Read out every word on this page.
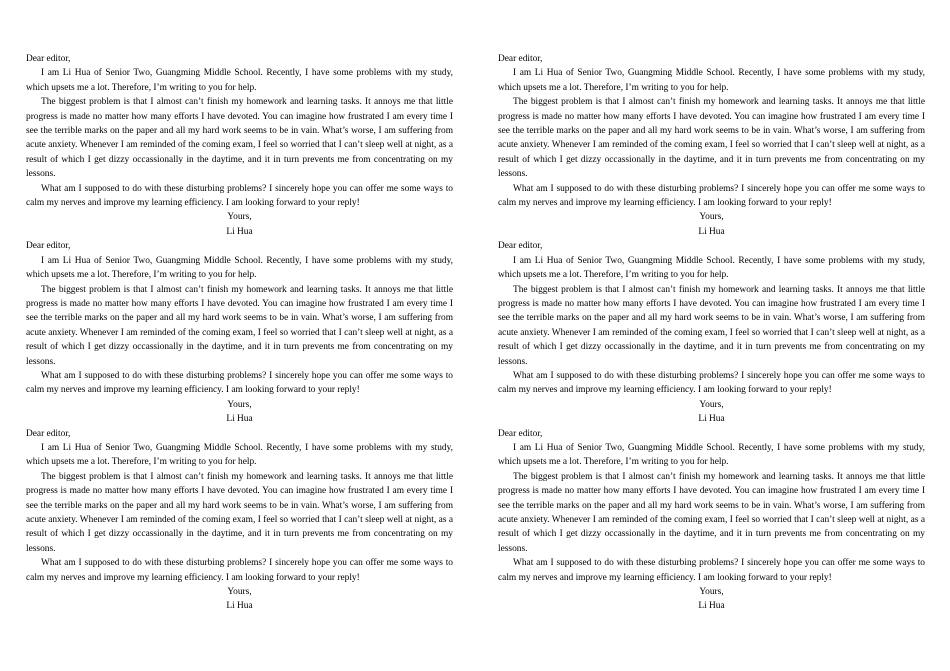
Dear editor,

I am Li Hua of Senior Two, Guangming Middle School. Recently, I have some problems with my study, which upsets me a lot. Therefore, I’m writing to you for help.

The biggest problem is that I almost can’t finish my homework and learning tasks. It annoys me that little progress is made no matter how many efforts I have devoted. You can imagine how frustrated I am every time I see the terrible marks on the paper and all my hard work seems to be in vain. What’s worse, I am suffering from acute anxiety. Whenever I am reminded of the coming exam, I feel so worried that I can’t sleep well at night, as a result of which I get dizzy occassionally in the daytime, and it in turn prevents me from concentrating on my lessons.

What am I supposed to do with these disturbing problems? I sincerely hope you can offer me some ways to calm my nerves and improve my learning efficiency. I am looking forward to your reply!

Yours,

Li Hua

Dear editor,

I am Li Hua of Senior Two, Guangming Middle School. Recently, I have some problems with my study, which upsets me a lot. Therefore, I’m writing to you for help.

The biggest problem is that I almost can’t finish my homework and learning tasks. It annoys me that little progress is made no matter how many efforts I have devoted. You can imagine how frustrated I am every time I see the terrible marks on the paper and all my hard work seems to be in vain. What’s worse, I am suffering from acute anxiety. Whenever I am reminded of the coming exam, I feel so worried that I can’t sleep well at night, as a result of which I get dizzy occassionally in the daytime, and it in turn prevents me from concentrating on my lessons.

What am I supposed to do with these disturbing problems? I sincerely hope you can offer me some ways to calm my nerves and improve my learning efficiency. I am looking forward to your reply!

Yours,

Li Hua

Dear editor,

I am Li Hua of Senior Two, Guangming Middle School. Recently, I have some problems with my study, which upsets me a lot. Therefore, I’m writing to you for help.

The biggest problem is that I almost can’t finish my homework and learning tasks. It annoys me that little progress is made no matter how many efforts I have devoted. You can imagine how frustrated I am every time I see the terrible marks on the paper and all my hard work seems to be in vain. What’s worse, I am suffering from acute anxiety. Whenever I am reminded of the coming exam, I feel so worried that I can’t sleep well at night, as a result of which I get dizzy occassionally in the daytime, and it in turn prevents me from concentrating on my lessons.

What am I supposed to do with these disturbing problems? I sincerely hope you can offer me some ways to calm my nerves and improve my learning efficiency. I am looking forward to your reply!

Yours,

Li Hua

Dear editor,

I am Li Hua of Senior Two, Guangming Middle School. Recently, I have some problems with my study, which upsets me a lot. Therefore, I’m writing to you for help.

The biggest problem is that I almost can’t finish my homework and learning tasks. It annoys me that little progress is made no matter how many efforts I have devoted. You can imagine how frustrated I am every time I see the terrible marks on the paper and all my hard work seems to be in vain. What’s worse, I am suffering from acute anxiety. Whenever I am reminded of the coming exam, I feel so worried that I can’t sleep well at night, as a result of which I get dizzy occassionally in the daytime, and it in turn prevents me from concentrating on my lessons.

What am I supposed to do with these disturbing problems? I sincerely hope you can offer me some ways to calm my nerves and improve my learning efficiency. I am looking forward to your reply!

Yours,

Li Hua

Dear editor,

I am Li Hua of Senior Two, Guangming Middle School. Recently, I have some problems with my study, which upsets me a lot. Therefore, I’m writing to you for help.

The biggest problem is that I almost can’t finish my homework and learning tasks. It annoys me that little progress is made no matter how many efforts I have devoted. You can imagine how frustrated I am every time I see the terrible marks on the paper and all my hard work seems to be in vain. What’s worse, I am suffering from acute anxiety. Whenever I am reminded of the coming exam, I feel so worried that I can’t sleep well at night, as a result of which I get dizzy occassionally in the daytime, and it in turn prevents me from concentrating on my lessons.

What am I supposed to do with these disturbing problems? I sincerely hope you can offer me some ways to calm my nerves and improve my learning efficiency. I am looking forward to your reply!

Yours,

Li Hua

Dear editor,

I am Li Hua of Senior Two, Guangming Middle School. Recently, I have some problems with my study, which upsets me a lot. Therefore, I’m writing to you for help.

The biggest problem is that I almost can’t finish my homework and learning tasks. It annoys me that little progress is made no matter how many efforts I have devoted. You can imagine how frustrated I am every time I see the terrible marks on the paper and all my hard work seems to be in vain. What’s worse, I am suffering from acute anxiety. Whenever I am reminded of the coming exam, I feel so worried that I can’t sleep well at night, as a result of which I get dizzy occassionally in the daytime, and it in turn prevents me from concentrating on my lessons.

What am I supposed to do with these disturbing problems? I sincerely hope you can offer me some ways to calm my nerves and improve my learning efficiency. I am looking forward to your reply!

Yours,

Li Hua
